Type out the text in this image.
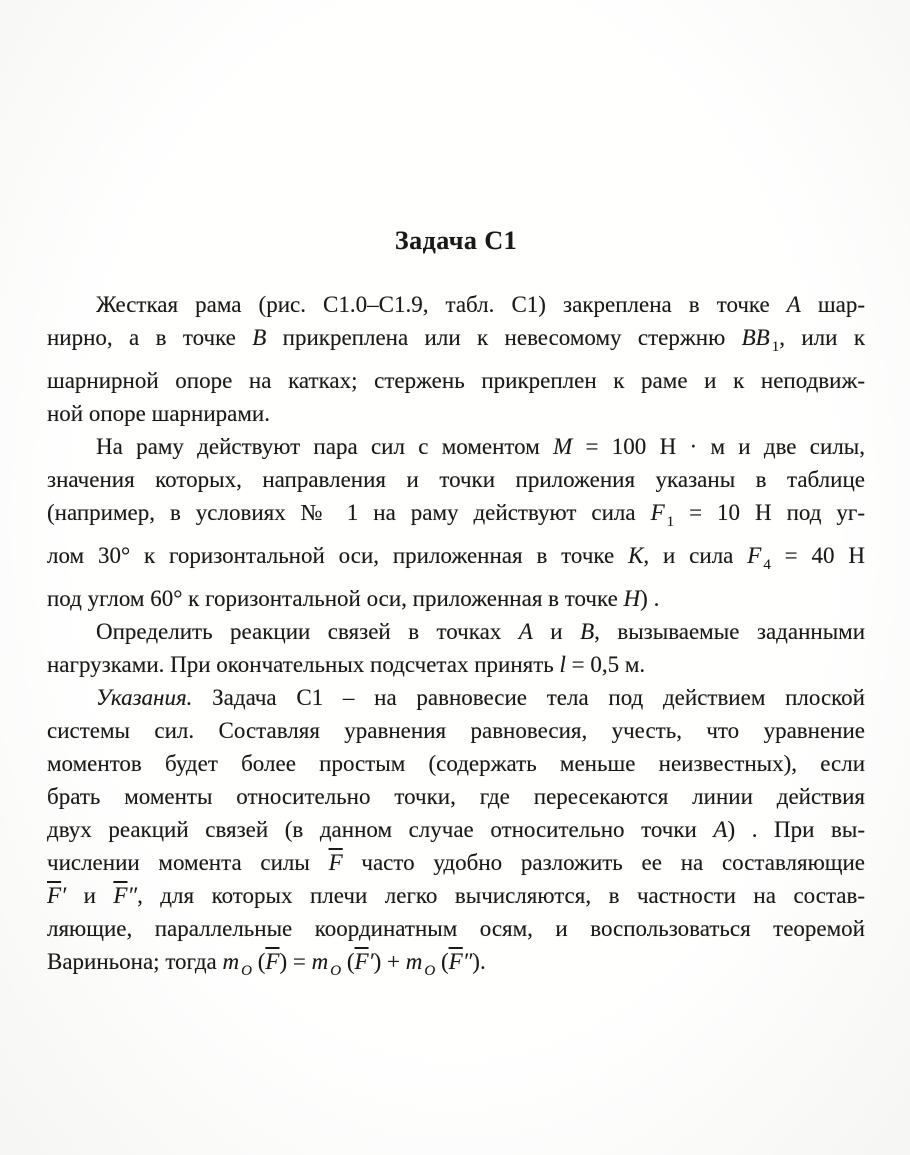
Задача С1
Жесткая рама (рис. С1.0–С1.9, табл. С1) закреплена в точке A шар-
нирно, а в точке B прикреплена или к невесомому стержню BB $_1$, или к
шарнирной опоре на катках; стержень прикреплен к раме и к неподвиж-
ной опоре шарнирами.
На раму действуют пара сил с моментом M = 100 Н · м и две силы,
значения которых, направления и точки приложения указаны в таблице
(например, в условиях № 1 на раму действуют сила F $_1$ = 10 Н под уг-
лом 30° к горизонтальной оси, приложенная в точке K, и сила F $_4$ = 40 Н
под углом 60° к горизонтальной оси, приложенная в точке H) .
Определить реакции связей в точках A и B, вызываемые заданными
нагрузками. При окончательных подсчетах принять l = 0,5 м.
Указания. Задача С1 – на равновесие тела под действием плоской
системы сил. Составляя уравнения равновесия, учесть, что уравнение
моментов будет более простым (содержать меньше неизвестных), если
брать моменты относительно точки, где пересекаются линии действия
двух реакций связей (в данном случае относительно точки A) . При вы-
числении момента силы $\overline{F}$ часто удобно разложить ее на составляющие
$\overline{F}'$ и $\overline{F}''$, для которых плечи легко вычисляются, в частности на состав-
ляющие, параллельные координатным осям, и воспользоваться теоремой
Вариньона; тогда m $_O$ $(\overline{F}) = m$ $_O$ $(\overline{F}') + m$ $_O$ $(\overline{F}'')$.
